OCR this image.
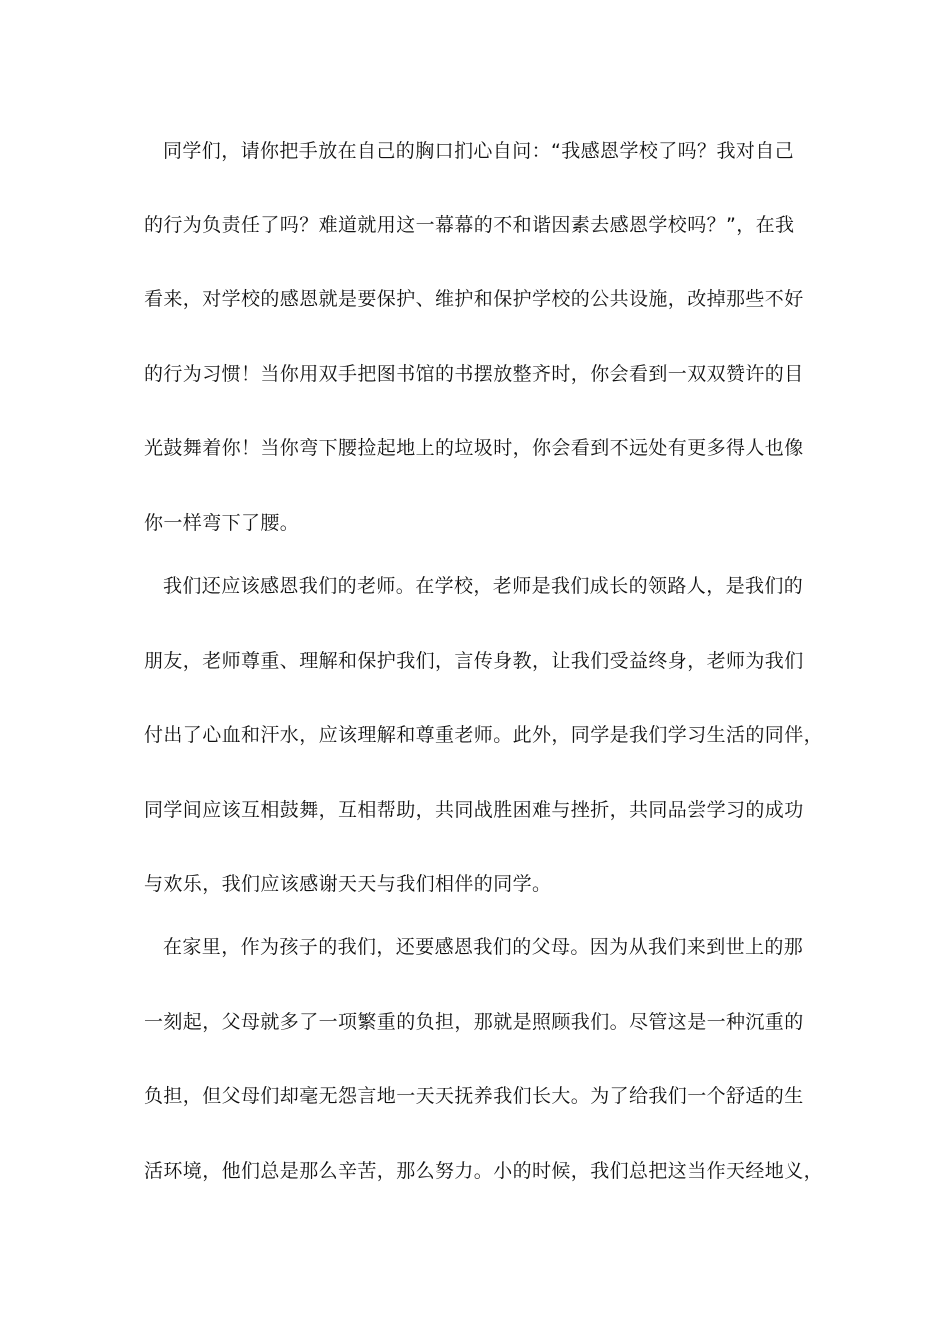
同学们，请你把手放在自己的胸口扪心自问：“我感恩学校了吗？我对自己
的行为负责任了吗？难道就用这一幕幕的不和谐因素去感恩学校吗？”，在我
看来，对学校的感恩就是要保护、维护和保护学校的公共设施，改掉那些不好
的行为习惯！当你用双手把图书馆的书摆放整齐时，你会看到一双双赞许的目
光鼓舞着你！当你弯下腰捡起地上的垃圾时，你会看到不远处有更多得人也像
你一样弯下了腰。
我们还应该感恩我们的老师。在学校，老师是我们成长的领路人，是我们的
朋友，老师尊重、理解和保护我们，言传身教，让我们受益终身，老师为我们
付出了心血和汗水，应该理解和尊重老师。此外，同学是我们学习生活的同伴，
同学间应该互相鼓舞，互相帮助，共同战胜困难与挫折，共同品尝学习的成功
与欢乐，我们应该感谢天天与我们相伴的同学。
在家里，作为孩子的我们，还要感恩我们的父母。因为从我们来到世上的那
一刻起，父母就多了一项繁重的负担，那就是照顾我们。尽管这是一种沉重的
负担，但父母们却毫无怨言地一天天抚养我们长大。为了给我们一个舒适的生
活环境，他们总是那么辛苦，那么努力。小的时候，我们总把这当作天经地义，
